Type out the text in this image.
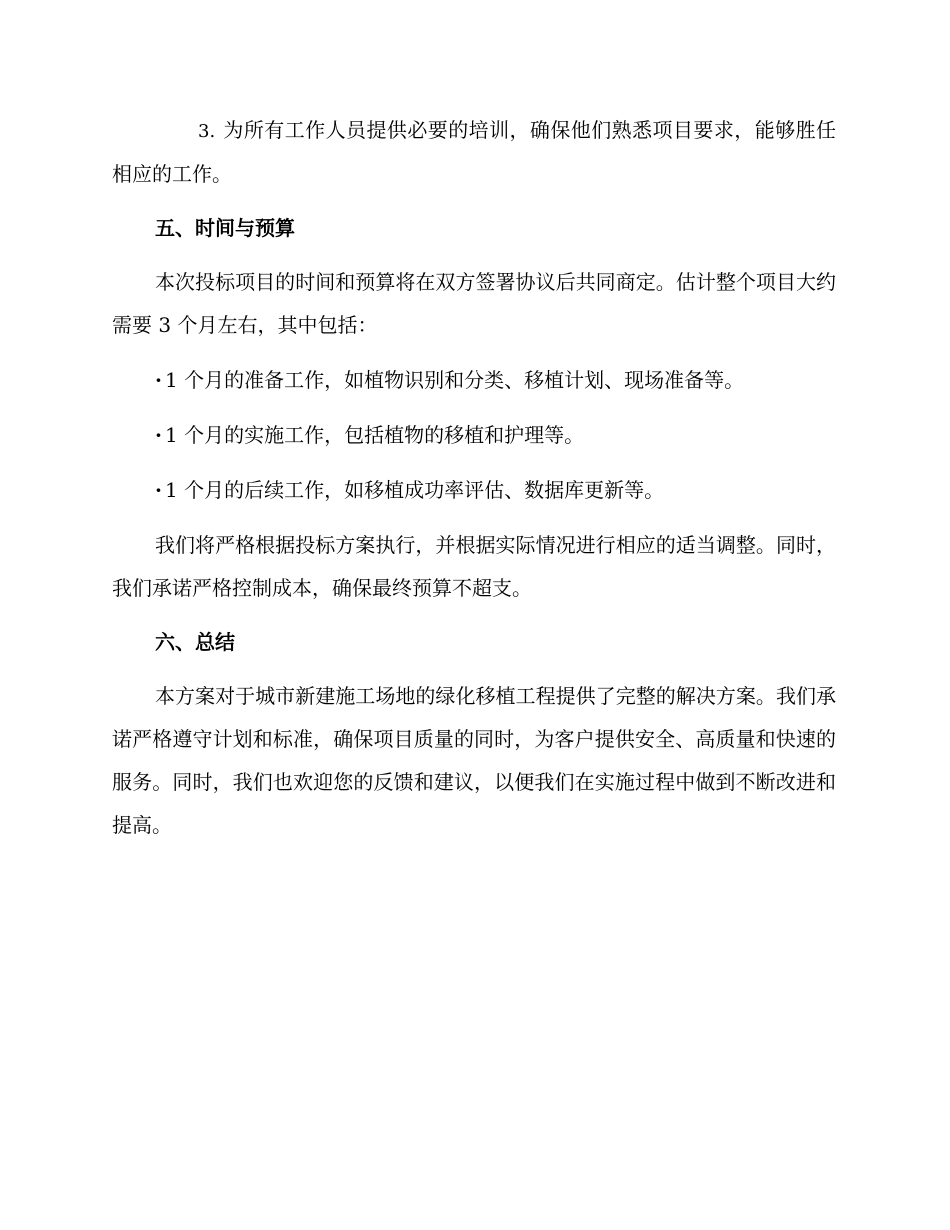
3. 为所有工作人员提供必要的培训，确保他们熟悉项目要求，能够胜任相应的工作。

五、时间与预算

本次投标项目的时间和预算将在双方签署协议后共同商定。估计整个项目大约需要 3 个月左右，其中包括：

· 1 个月的准备工作，如植物识别和分类、移植计划、现场准备等。

· 1 个月的实施工作，包括植物的移植和护理等。

· 1 个月的后续工作，如移植成功率评估、数据库更新等。

我们将严格根据投标方案执行，并根据实际情况进行相应的适当调整。同时，我们承诺严格控制成本，确保最终预算不超支。

六、总结

本方案对于城市新建施工场地的绿化移植工程提供了完整的解决方案。我们承诺严格遵守计划和标准，确保项目质量的同时，为客户提供安全、高质量和快速的服务。同时，我们也欢迎您的反馈和建议，以便我们在实施过程中做到不断改进和提高。
